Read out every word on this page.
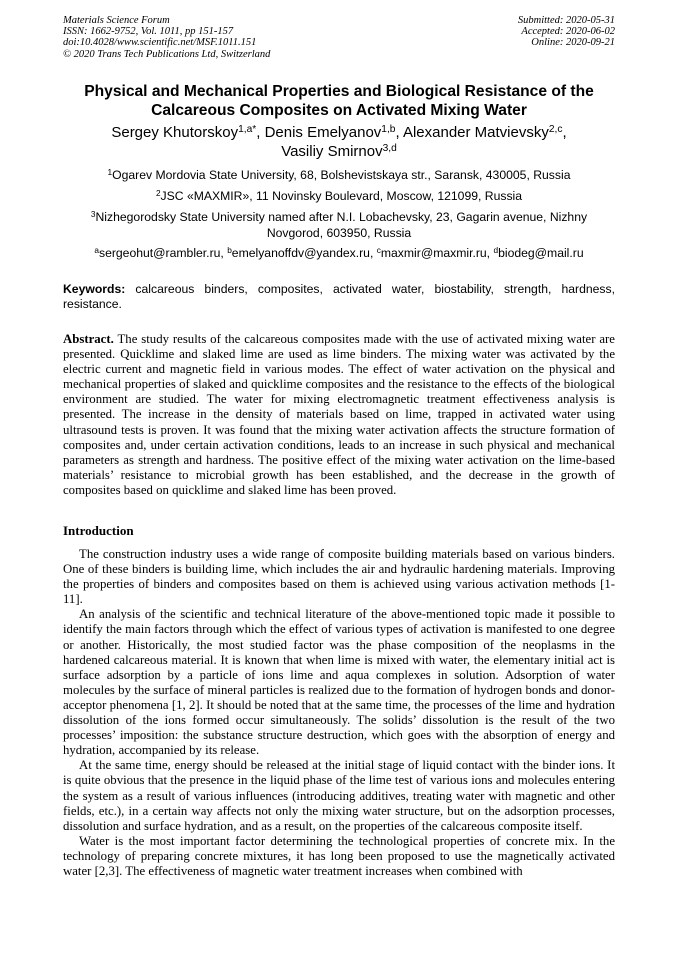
Materials Science Forum
ISSN: 1662-9752, Vol. 1011, pp 151-157
doi:10.4028/www.scientific.net/MSF.1011.151
© 2020 Trans Tech Publications Ltd, Switzerland
Submitted: 2020-05-31
Accepted: 2020-06-02
Online: 2020-09-21
Physical and Mechanical Properties and Biological Resistance of the Calcareous Composites on Activated Mixing Water
Sergey Khutorskoy$^{1,a*}$, Denis Emelyanov$^{1,b}$, Alexander Matvievsky$^{2,c}$,
Vasiliy Smirnov$^{3,d}$
$^1$Ogarev Mordovia State University, 68, Bolshevistskaya str., Saransk, 430005, Russia
$^2$JSC «MAXMIR», 11 Novinsky Boulevard, Moscow, 121099, Russia
$^3$Nizhegorodsky State University named after N.I. Lobachevsky, 23, Gagarin avenue, Nizhny Novgorod, 603950, Russia
$^a$sergeohut@rambler.ru, $^b$emelyanoffdv@yandex.ru, $^c$maxmir@maxmir.ru, $^d$biodeg@mail.ru
Keywords: calcareous binders, composites, activated water, biostability, strength, hardness, resistance.
Abstract. The study results of the calcareous composites made with the use of activated mixing water are presented. Quicklime and slaked lime are used as lime binders. The mixing water was activated by the electric current and magnetic field in various modes. The effect of water activation on the physical and mechanical properties of slaked and quicklime composites and the resistance to the effects of the biological environment are studied. The water for mixing electromagnetic treatment effectiveness analysis is presented. The increase in the density of materials based on lime, trapped in activated water using ultrasound tests is proven. It was found that the mixing water activation affects the structure formation of composites and, under certain activation conditions, leads to an increase in such physical and mechanical parameters as strength and hardness. The positive effect of the mixing water activation on the lime-based materials’ resistance to microbial growth has been established, and the decrease in the growth of composites based on quicklime and slaked lime has been proved.
Introduction

The construction industry uses a wide range of composite building materials based on various binders. One of these binders is building lime, which includes the air and hydraulic hardening materials. Improving the properties of binders and composites based on them is achieved using various activation methods [1-11].

An analysis of the scientific and technical literature of the above-mentioned topic made it possible to identify the main factors through which the effect of various types of activation is manifested to one degree or another. Historically, the most studied factor was the phase composition of the neoplasms in the hardened calcareous material. It is known that when lime is mixed with water, the elementary initial act is surface adsorption by a particle of ions lime and aqua complexes in solution. Adsorption of water molecules by the surface of mineral particles is realized due to the formation of hydrogen bonds and donor-acceptor phenomena [1, 2]. It should be noted that at the same time, the processes of the lime and hydration dissolution of the ions formed occur simultaneously. The solids’ dissolution is the result of the two processes’ imposition: the substance structure destruction, which goes with the absorption of energy and hydration, accompanied by its release.

At the same time, energy should be released at the initial stage of liquid contact with the binder ions. It is quite obvious that the presence in the liquid phase of the lime test of various ions and molecules entering the system as a result of various influences (introducing additives, treating water with magnetic and other fields, etc.), in a certain way affects not only the mixing water structure, but on the adsorption processes, dissolution and surface hydration, and as a result, on the properties of the calcareous composite itself.

Water is the most important factor determining the technological properties of concrete mix. In the technology of preparing concrete mixtures, it has long been proposed to use the magnetically activated water [2,3]. The effectiveness of magnetic water treatment increases when combined with
